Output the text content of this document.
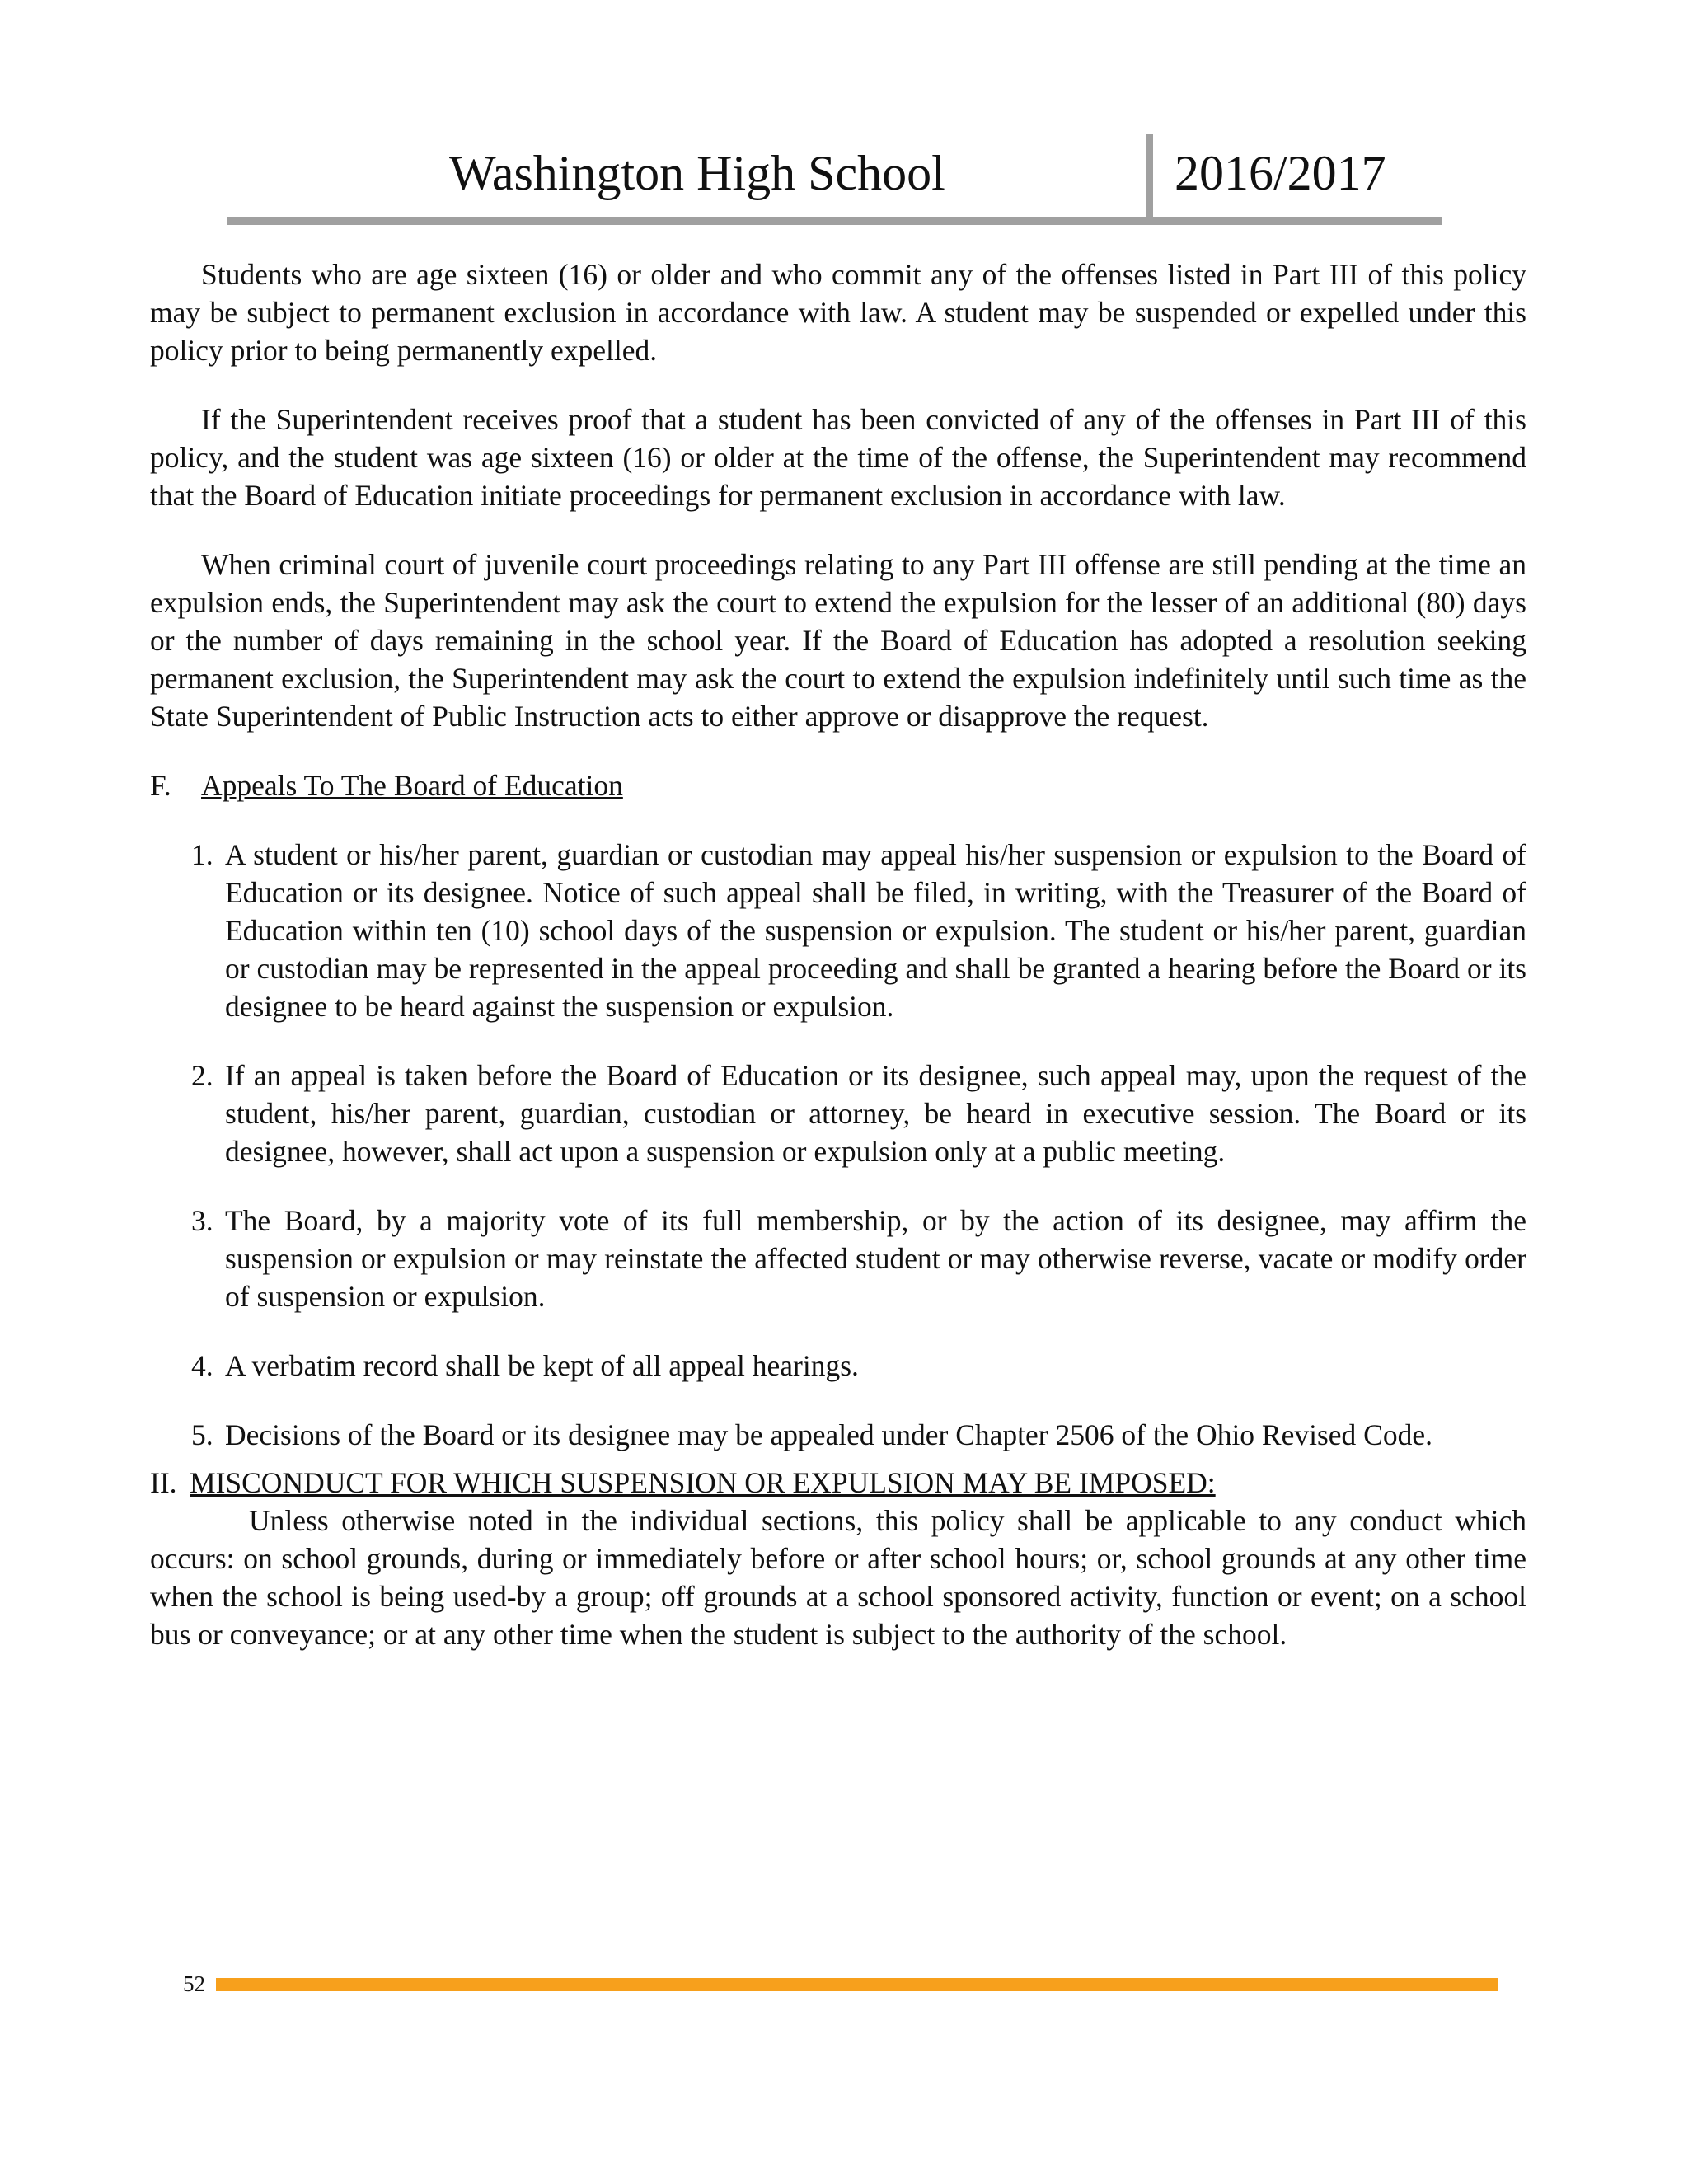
Washington High School	2016/2017

Students who are age sixteen (16) or older and who commit any of the offenses listed in Part III of this policy may be subject to permanent exclusion in accordance with law. A student may be suspended or expelled under this policy prior to being permanently expelled.

If the Superintendent receives proof that a student has been convicted of any of the offenses in Part III of this policy, and the student was age sixteen (16) or older at the time of the offense, the Superintendent may recommend that the Board of Education initiate proceedings for permanent exclusion in accordance with law.

When criminal court of juvenile court proceedings relating to any Part III offense are still pending at the time an expulsion ends, the Superintendent may ask the court to extend the expulsion for the lesser of an additional (80) days or the number of days remaining in the school year. If the Board of Education has adopted a resolution seeking permanent exclusion, the Superintendent may ask the court to extend the expulsion indefinitely until such time as the State Superintendent of Public Instruction acts to either approve or disapprove the request.

F. Appeals To The Board of Education
1. A student or his/her parent, guardian or custodian may appeal his/her suspension or expulsion to the Board of Education or its designee. Notice of such appeal shall be filed, in writing, with the Treasurer of the Board of Education within ten (10) school days of the suspension or expulsion. The student or his/her parent, guardian or custodian may be represented in the appeal proceeding and shall be granted a hearing before the Board or its designee to be heard against the suspension or expulsion.
2. If an appeal is taken before the Board of Education or its designee, such appeal may, upon the request of the student, his/her parent, guardian, custodian or attorney, be heard in executive session. The Board or its designee, however, shall act upon a suspension or expulsion only at a public meeting.
3. The Board, by a majority vote of its full membership, or by the action of its designee, may affirm the suspension or expulsion or may reinstate the affected student or may otherwise reverse, vacate or modify order of suspension or expulsion.
4. A verbatim record shall be kept of all appeal hearings.
5. Decisions of the Board or its designee may be appealed under Chapter 2506 of the Ohio Revised Code.
II. MISCONDUCT FOR WHICH SUSPENSION OR EXPULSION MAY BE IMPOSED:

Unless otherwise noted in the individual sections, this policy shall be applicable to any conduct which occurs: on school grounds, during or immediately before or after school hours; or, school grounds at any other time when the school is being used-by a group; off grounds at a school sponsored activity, function or event; on a school bus or conveyance; or at any other time when the student is subject to the authority of the school.

52
